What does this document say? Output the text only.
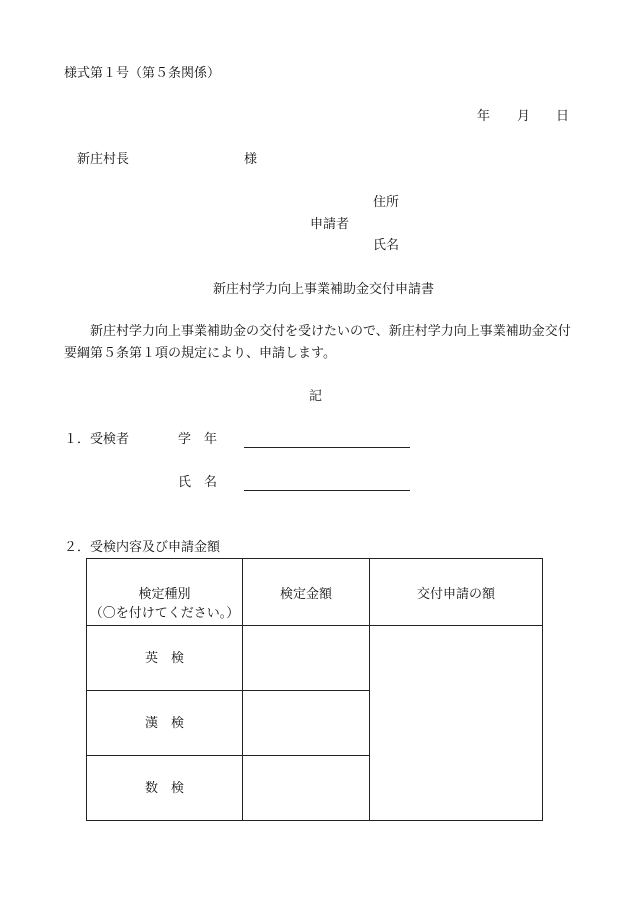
様式第１号（第５条関係）
年 月 日
新庄村長	様
住所
申請者
氏名
新庄村学力向上事業補助金交付申請書
新庄村学力向上事業補助金の交付を受けたいので、新庄村学力向上事業補助金交付
要綱第５条第１項の規定により、申請します。
記
１．受検者	学　年
氏　名
２．受検内容及び申請金額
検定種別
（〇を付けてください。）	検定金額	交付申請の額
英　検		
漢　検		
数　検		
